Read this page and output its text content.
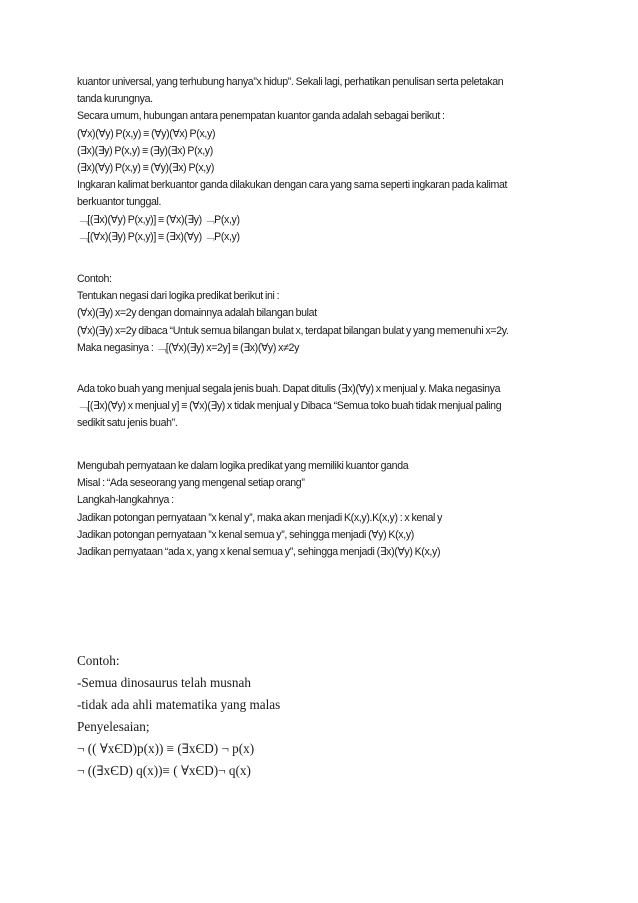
kuantor universal, yang terhubung hanya”x hidup”. Sekali lagi, perhatikan penulisan serta peletakan
tanda kurungnya.
Secara umum, hubungan antara penempatan kuantor ganda adalah sebagai berikut :
(∀x)(∀y) P(x,y) ≡ (∀y)(∀x) P(x,y)
(∃x)(∃y) P(x,y) ≡ (∃y)(∃x) P(x,y)
(∃x)(∀y) P(x,y) ≡ (∀y)(∃x) P(x,y)
Ingkaran kalimat berkuantor ganda dilakukan dengan cara yang sama seperti ingkaran pada kalimat
berkuantor tunggal.
﹁[(∃x)(∀y) P(x,y)] ≡ (∀x)(∃y) ﹁P(x,y)
﹁[(∀x)(∃y) P(x,y)] ≡ (∃x)(∀y) ﹁P(x,y)
Contoh:
Tentukan negasi dari logika predikat berikut ini :
(∀x)(∃y) x=2y dengan domainnya adalah bilangan bulat
(∀x)(∃y) x=2y dibaca “Untuk semua bilangan bulat x, terdapat bilangan bulat y yang memenuhi x=2y.
Maka negasinya : ﹁[(∀x)(∃y) x=2y] ≡ (∃x)(∀y) x≠2y
Ada toko buah yang menjual segala jenis buah. Dapat ditulis (∃x)(∀y) x menjual y. Maka negasinya
﹁[(∃x)(∀y) x menjual y] ≡ (∀x)(∃y) x tidak menjual y Dibaca “Semua toko buah tidak menjual paling
sedikit satu jenis buah”.
Mengubah pernyataan ke dalam logika predikat yang memiliki kuantor ganda
Misal : “Ada seseorang yang mengenal setiap orang”
Langkah-langkahnya :
Jadikan potongan pernyataan ”x kenal y”, maka akan menjadi K(x,y).K(x,y) : x kenal y
Jadikan potongan pernyataan ”x kenal semua y”, sehingga menjadi (∀y) K(x,y)
Jadikan pernyataan “ada x, yang x kenal semua y”, sehingga menjadi (∃x)(∀y) K(x,y)
Contoh:
-Semua dinosaurus telah musnah
-tidak ada ahli matematika yang malas
Penyelesaian;
¬ (( ∀xЄD)p(x)) ≡ (∃xЄD) ¬ p(x)
¬ ((∃xЄD) q(x))≡ ( ∀xЄD)¬ q(x)
